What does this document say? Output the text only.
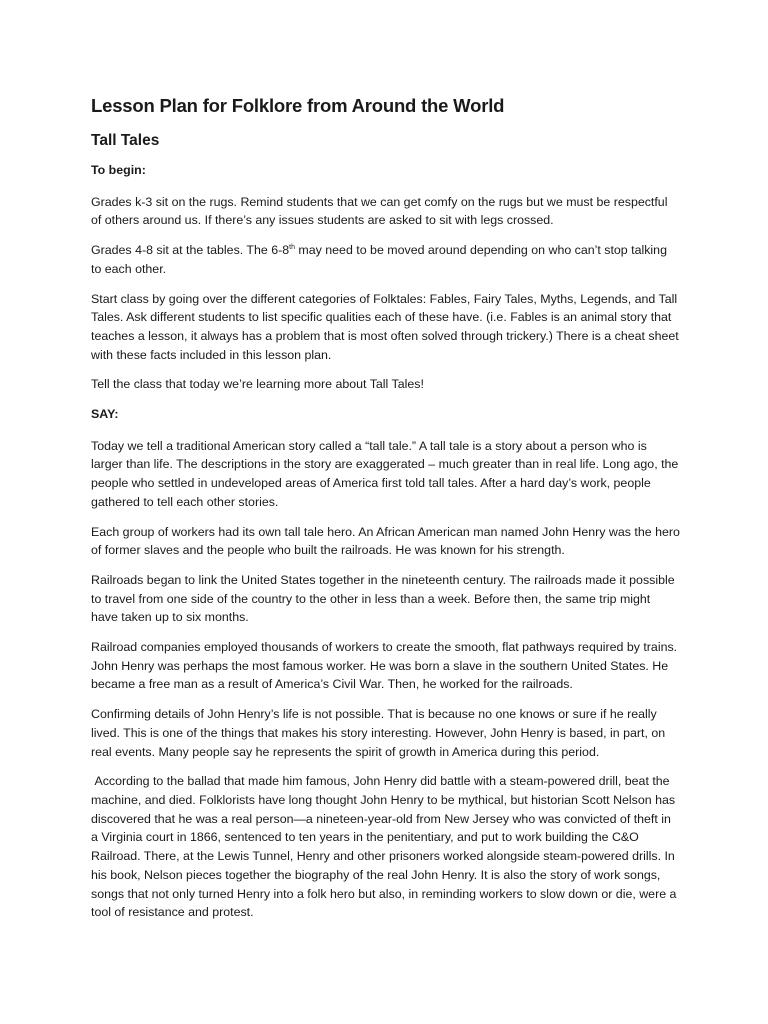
Lesson Plan for Folklore from Around the World
Tall Tales
To begin:

Grades k-3 sit on the rugs. Remind students that we can get comfy on the rugs but we must be respectful of others around us. If there’s any issues students are asked to sit with legs crossed.

Grades 4-8 sit at the tables. The 6-8th may need to be moved around depending on who can’t stop talking to each other.

Start class by going over the different categories of Folktales: Fables, Fairy Tales, Myths, Legends, and Tall Tales. Ask different students to list specific qualities each of these have. (i.e. Fables is an animal story that teaches a lesson, it always has a problem that is most often solved through trickery.) There is a cheat sheet with these facts included in this lesson plan.

Tell the class that today we’re learning more about Tall Tales!

SAY:

Today we tell a traditional American story called a “tall tale.” A tall tale is a story about a person who is larger than life. The descriptions in the story are exaggerated – much greater than in real life. Long ago, the people who settled in undeveloped areas of America first told tall tales. After a hard day’s work, people gathered to tell each other stories.

Each group of workers had its own tall tale hero. An African American man named John Henry was the hero of former slaves and the people who built the railroads. He was known for his strength.

Railroads began to link the United States together in the nineteenth century. The railroads made it possible to travel from one side of the country to the other in less than a week. Before then, the same trip might have taken up to six months.

Railroad companies employed thousands of workers to create the smooth, flat pathways required by trains. John Henry was perhaps the most famous worker. He was born a slave in the southern United States. He became a free man as a result of America’s Civil War. Then, he worked for the railroads.

Confirming details of John Henry’s life is not possible. That is because no one knows or sure if he really lived. This is one of the things that makes his story interesting. However, John Henry is based, in part, on real events. Many people say he represents the spirit of growth in America during this period.

According to the ballad that made him famous, John Henry did battle with a steam-powered drill, beat the machine, and died. Folklorists have long thought John Henry to be mythical, but historian Scott Nelson has discovered that he was a real person—a nineteen-year-old from New Jersey who was convicted of theft in a Virginia court in 1866, sentenced to ten years in the penitentiary, and put to work building the C&O Railroad. There, at the Lewis Tunnel, Henry and other prisoners worked alongside steam-powered drills. In his book, Nelson pieces together the biography of the real John Henry. It is also the story of work songs, songs that not only turned Henry into a folk hero but also, in reminding workers to slow down or die, were a tool of resistance and protest.
